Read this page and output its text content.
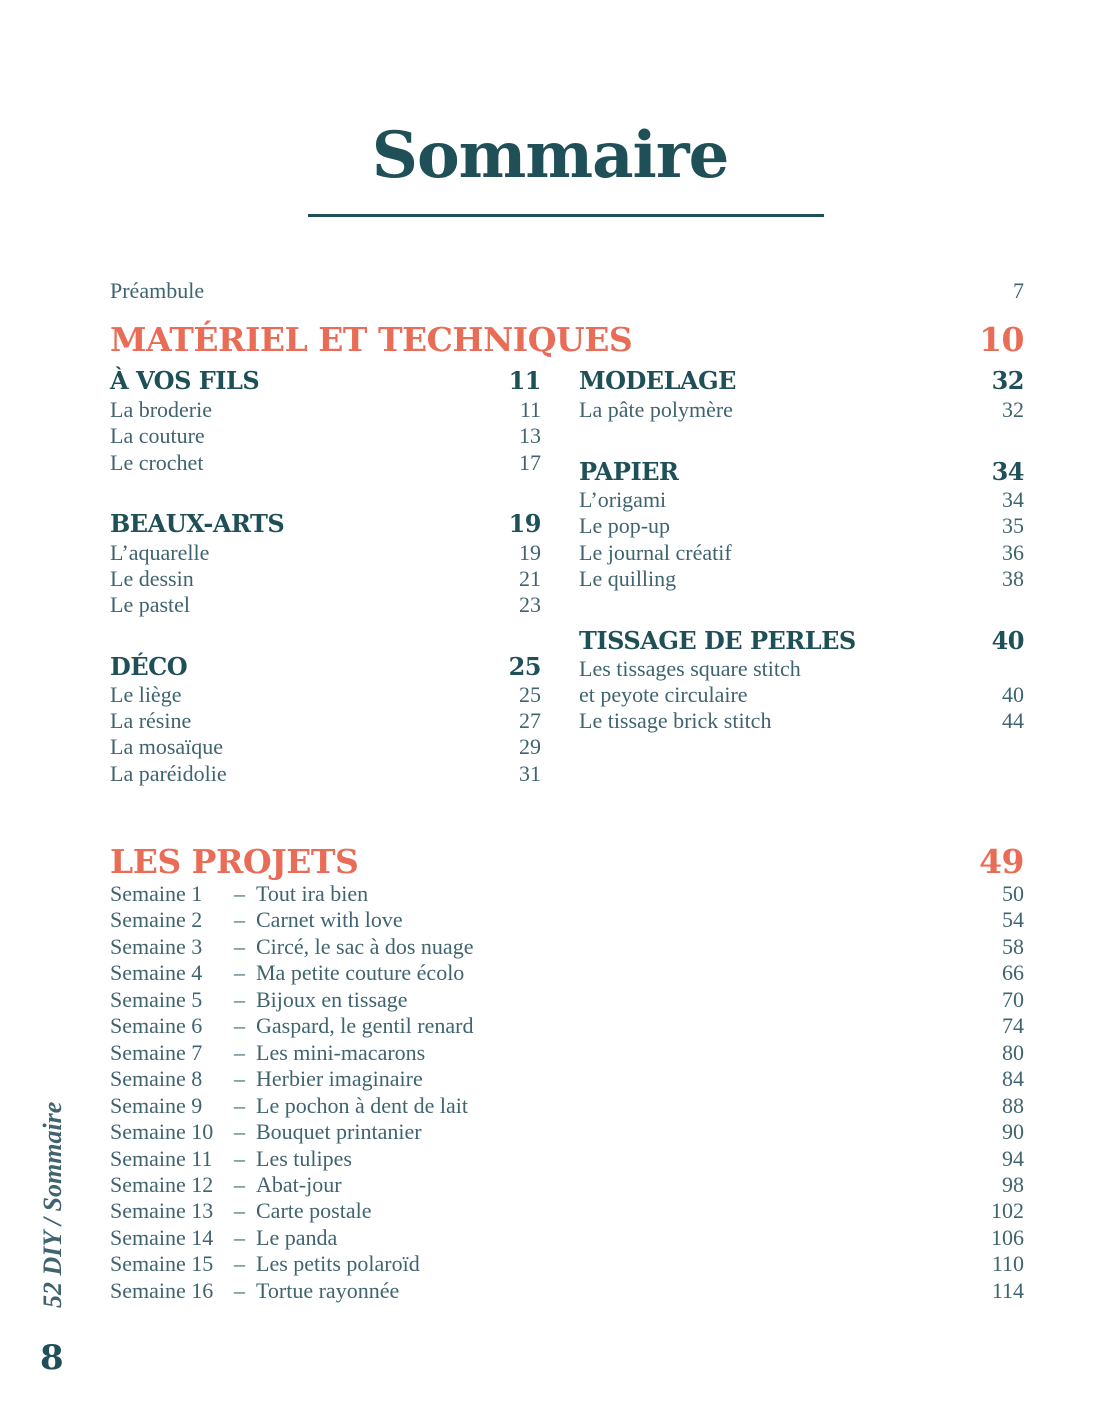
Sommaire
Préambule	7
MATÉRIEL ET TECHNIQUES	10
À VOS FILS	11
La broderie	11
La couture	13
Le crochet	17
BEAUX-ARTS	19
L’aquarelle	19
Le dessin	21
Le pastel	23
DÉCO	25
Le liège	25
La résine	27
La mosaïque	29
La paréidolie	31
MODELAGE	32
La pâte polymère	32
PAPIER	34
L’origami	34
Le pop-up	35
Le journal créatif	36
Le quilling	38
TISSAGE DE PERLES	40
Les tissages square stitch
et peyote circulaire	40
Le tissage brick stitch	44
LES PROJETS	49
Semaine 1 – Tout ira bien	50
Semaine 2 – Carnet with love	54
Semaine 3 – Circé, le sac à dos nuage	58
Semaine 4 – Ma petite couture écolo	66
Semaine 5 – Bijoux en tissage	70
Semaine 6 – Gaspard, le gentil renard	74
Semaine 7 – Les mini-macarons	80
Semaine 8 – Herbier imaginaire	84
Semaine 9 – Le pochon à dent de lait	88
Semaine 10 – Bouquet printanier	90
Semaine 11 – Les tulipes	94
Semaine 12 – Abat-jour	98
Semaine 13 – Carte postale	102
Semaine 14 – Le panda	106
Semaine 15 – Les petits polaroïd	110
Semaine 16 – Tortue rayonnée	114
52 DIY / Sommaire
8
